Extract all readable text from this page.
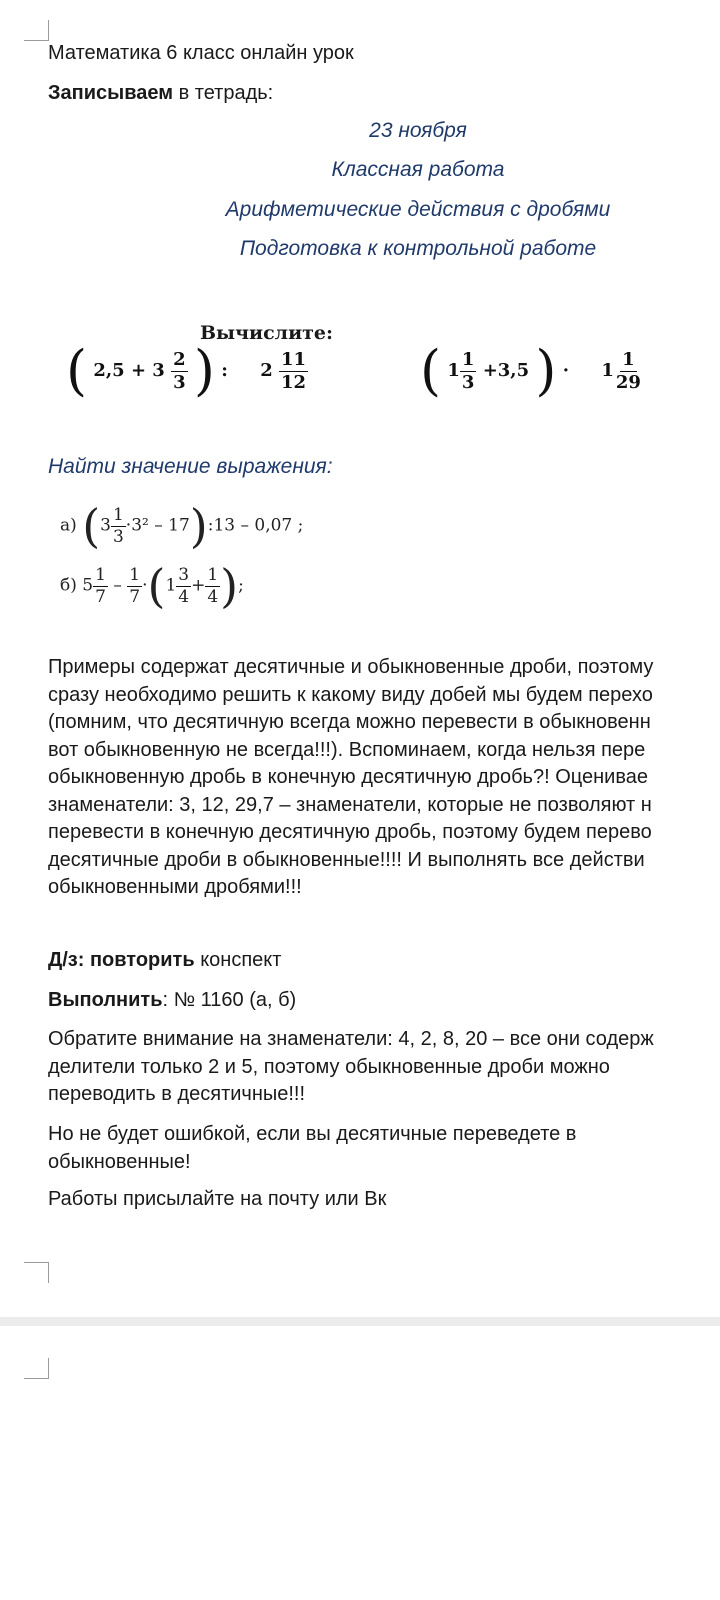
Математика 6 класс онлайн урок
Записываем в тетрадь:
23 ноября
Классная работа
Арифметические действия с дробями
Подготовка к контрольной работе
Вычислите:
( $2,5 + 3 \frac{2}{3}$ ) : $2 \frac{11}{12}$ ( $1 \frac{1}{3} +3,5$ ) · $1 \frac{1}{29}$
Найти значение выражения:
а) ($3 \frac{1}{3} \cdot 3^2$ – 17):13 – 0,07 ;
б) $5 \frac{1}{7} - \frac{1}{7} \cdot(1 \frac{3}{4} + \frac{1}{4}$ );
Примеры содержат десятичные и обыкновенные дроби, поэтому
сразу необходимо решить к какому виду добей мы будем перехо
(помним, что десятичную всегда можно перевести в обыкновенн
вот обыкновенную не всегда!!!). Вспоминаем, когда нельзя пере
обыкновенную дробь в конечную десятичную дробь?! Оценивае
знаменатели: 3, 12, 29,7 – знаменатели, которые не позволяют н
перевести в конечную десятичную дробь, поэтому будем перево
десятичные дроби в обыкновенные!!!! И выполнять все действи
обыкновенными дробями!!!
Д/з: повторить конспект
Выполнить: № 1160 (а, б)
Обратите внимание на знаменатели: 4, 2, 8, 20 – все они содерж
делители только 2 и 5, поэтому обыкновенные дроби можно
переводить в десятичные!!!
Но не будет ошибкой, если вы десятичные переведете в
обыкновенные!
Работы присылайте на почту или Вк
